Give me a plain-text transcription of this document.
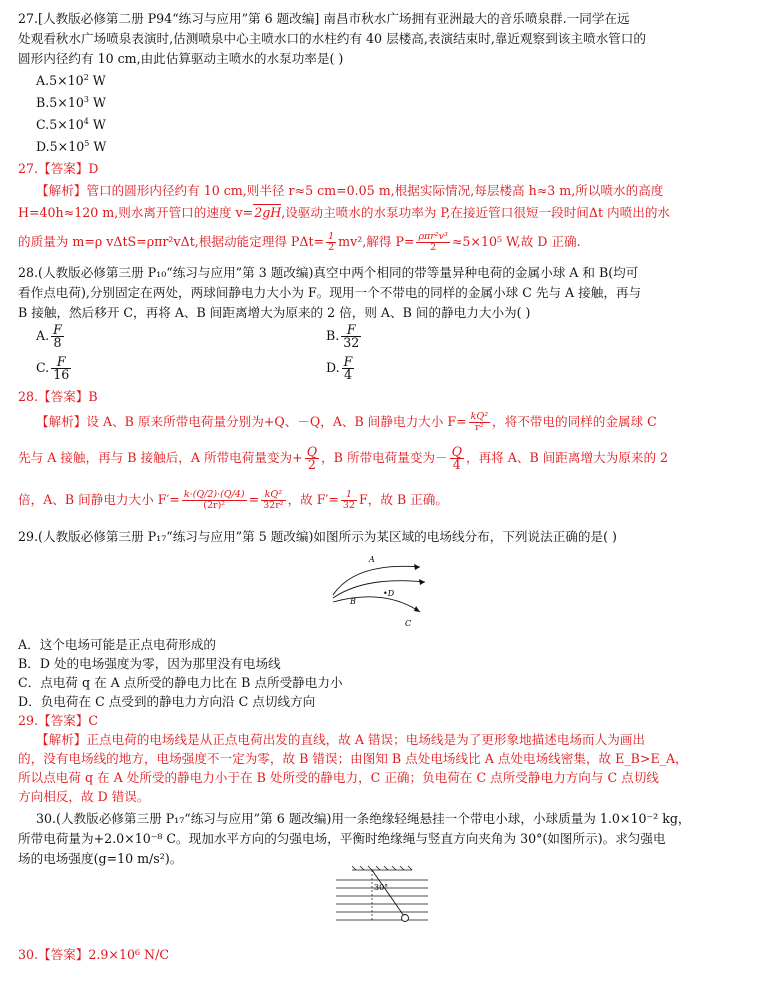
27.[人教版必修第二册 P94“练习与应用”第 6 题改编] 南昌市秋水广场拥有亚洲最大的音乐喷泉群.一同学在远
处观看秋水广场喷泉表演时,估测喷泉中心主喷水口的水柱约有 40 层楼高,表演结束时,靠近观察到该主喷水管口的
圆形内径约有 10 cm,由此估算驱动主喷水的水泵功率是( )
$A.5\times 10^2$ W
$B.5\times 10^3$ W
$C.5\times 10^4$ W
$D.5\times 10^5$ W
27.【答案】D
【解析】管口的圆形内径约有 10 cm,则半径 r≈5 cm=0.05 m,根据实际情况,每层楼高 h≈3 m,所以喷水的高度
H=40h≈120 m,则水离开管口的速度 v=2gH,设驱动主喷水的水泵功率为 P,在接近管口很短一段时间Δt 内喷出的水
的质量为 m=ρ vΔtS=ρπr²vΔt,根据动能定理得 $P\Delta t= \frac{1}{2} mv^2$,解得 $P= \frac{\text{ρπr²v³}}{2} \approx 5\times 10^5$ W,故 D 正确.
28.(人教版必修第三册 P₁₀“练习与应用”第 3 题改编)真空中两个相同的带等量异种电荷的金属小球 A 和 B(均可
看作点电荷),分别固定在两处，两球间静电力大小为 F。现用一个不带电的同样的金属小球 C 先与 A 接触，再与
B 接触，然后移开 C，再将 A、B 间距离增大为原来的 2 倍，则 A、B 间的静电力大小为( )
A. $\frac{F}{8}$	B. $\frac{F}{32}$
C. $\frac{F}{16}$	D. $\frac{F}{4}$
28.【答案】B
【解析】设 A、B 原来所带电荷量分别为+Q、－Q，A、B 间静电力大小 $F= \frac{\text{kQ²}}{\text{r²}}$ ，将不带电的同样的金属球 C
先与 A 接触，再与 B 接触后，A 所带电荷量变为+ $\frac{Q}{2}$ ，B 所带电荷量变为－ $\frac{Q}{4}$ ，再将 A、B 间距离增大为原来的 2
倍，A、B 间静电力大小 $F'= \frac{k\cdot(Q/2)\cdot(Q/4)}{\text{(2r)²}} = \frac{\text{kQ²}}{\text{32r²}}$ ，故 $F'= \frac{1}{32}$ F，故 B 正确。
29.(人教版必修第三册 P₁₇“练习与应用”第 5 题改编)如图所示为某区域的电场线分布，下列说法正确的是( )
A
B
•D
C
A．这个电场可能是正点电荷形成的
B．D 处的电场强度为零，因为那里没有电场线
C．点电荷 q 在 A 点所受的静电力比在 B 点所受静电力小
D．负电荷在 C 点受到的静电力方向沿 C 点切线方向
29.【答案】C
【解析】正点电荷的电场线是从正点电荷出发的直线，故 A 错误；电场线是为了更形象地描述电场而人为画出
的，没有电场线的地方，电场强度不一定为零，故 B 错误；由图知 B 点处电场线比 A 点处电场线密集，故 E_B>E_A，
所以点电荷 q 在 A 处所受的静电力小于在 B 处所受的静电力，C 正确；负电荷在 C 点所受静电力方向与 C 点切线
方向相反，故 D 错误。
30.(人教版必修第三册 P₁₇“练习与应用”第 6 题改编)用一条绝缘轻绳悬挂一个带电小球，小球质量为 1.0×10⁻² kg，
所带电荷量为+2.0×10⁻⁸ C。现加水平方向的匀强电场，平衡时绝缘绳与竖直方向夹角为 30°(如图所示)。求匀强电
场的电场强度(g=10 m/s²)。
30°
30.【答案】2.9×10⁶ N/C
